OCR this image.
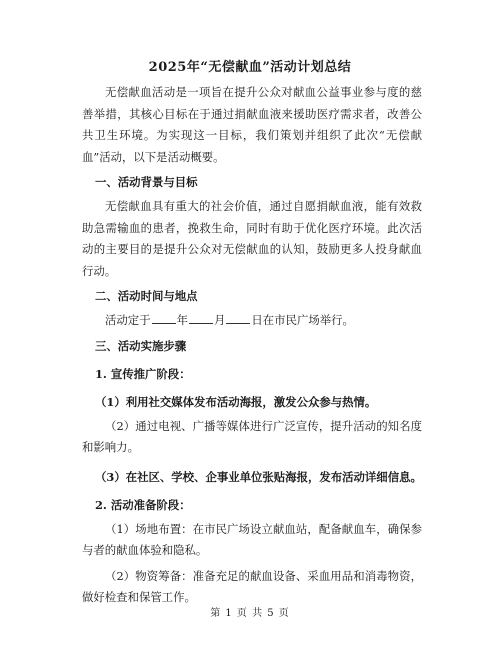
2025年“无偿献血”活动计划总结

无偿献血活动是一项旨在提升公众对献血公益事业参与度的慈善举措，其核心目标在于通过捐献血液来援助医疗需求者，改善公共卫生环境。为实现这一目标，我们策划并组织了此次“无偿献血”活动，以下是活动概要。

一、活动背景与目标

无偿献血具有重大的社会价值，通过自愿捐献血液，能有效救助急需输血的患者，挽救生命，同时有助于优化医疗环境。此次活动的主要目的是提升公众对无偿献血的认知，鼓励更多人投身献血行动。

二、活动时间与地点

活动定于 年 月 日在市民广场举行。

三、活动实施步骤

1. 宣传推广阶段：

（1）利用社交媒体发布活动海报，激发公众参与热情。

（2）通过电视、广播等媒体进行广泛宣传，提升活动的知名度和影响力。

（3）在社区、学校、企事业单位张贴海报，发布活动详细信息。

2. 活动准备阶段：

（1）场地布置：在市民广场设立献血站，配备献血车，确保参与者的献血体验和隐私。

（2）物资筹备：准备充足的献血设备、采血用品和消毒物资，做好检查和保管工作。

第 1 页 共 5 页
